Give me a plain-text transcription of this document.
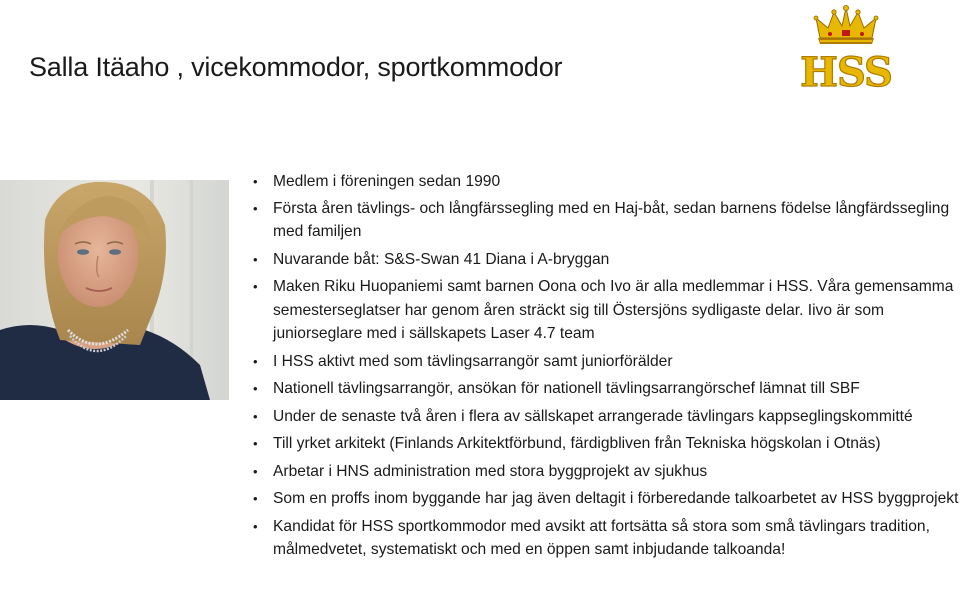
Salla Itäaho , vicekommodor, sportkommodor	HSS
• Medlem i föreningen sedan 1990
• Första åren tävlings- och långfärssegling med en Haj-båt, sedan barnens födelse långfärdssegling med familjen
• Nuvarande båt: S&S-Swan 41 Diana i A-bryggan
• Maken Riku Huopaniemi samt barnen Oona och Ivo är alla medlemmar i HSS. Våra gemensamma semesterseglatser har genom åren sträckt sig till Östersjöns sydligaste delar. Iivo är som juniorseglare med i sällskapets Laser 4.7 team
• I HSS aktivt med som tävlingsarrangör samt juniorförälder
• Nationell tävlingsarrangör, ansökan för nationell tävlingsarrangörschef lämnat till SBF
• Under de senaste två åren i flera av sällskapet arrangerade tävlingars kappseglingskommitté
• Till yrket arkitekt (Finlands Arkitektförbund, färdigbliven från Tekniska högskolan i Otnäs)
• Arbetar i HNS administration med stora byggprojekt av sjukhus
• Som en proffs inom byggande har jag även deltagit i förberedande talkoarbetet av HSS byggprojekt
• Kandidat för HSS sportkommodor med avsikt att fortsätta så stora som små tävlingars tradition, målmedvetet, systematiskt och med en öppen samt inbjudande talkoanda!
